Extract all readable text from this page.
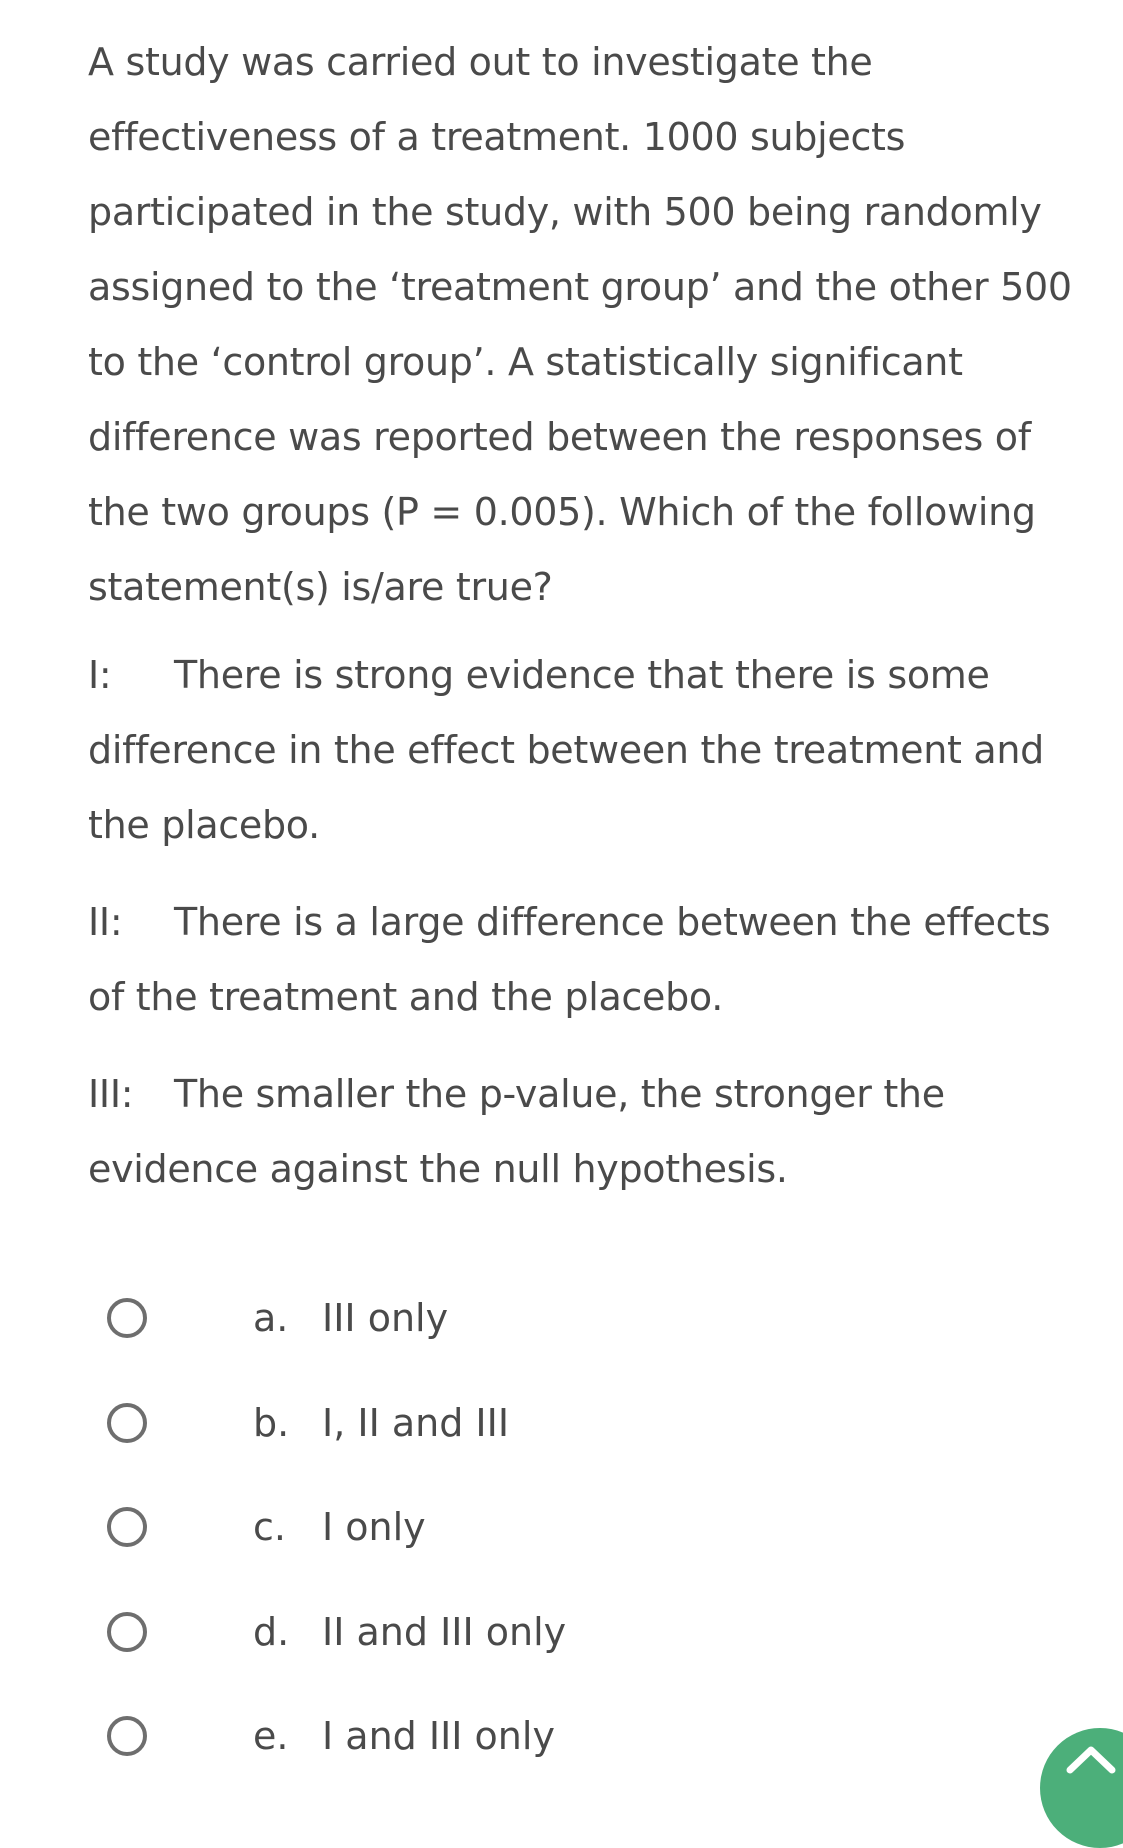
A study was carried out to investigate the effectiveness of a treatment. 1000 subjects participated in the study, with 500 being randomly assigned to the ‘treatment group’ and the other 500 to the ‘control group’. A statistically significant difference was reported between the responses of the two groups (P = 0.005). Which of the following statement(s) is/are true?

I: There is strong evidence that there is some difference in the effect between the treatment and the placebo.

II: There is a large difference between the effects of the treatment and the placebo.

III: The smaller the p-value, the stronger the evidence against the null hypothesis.

a. III only
b. I, II and III
c. I only
d. II and III only
e. I and III only
